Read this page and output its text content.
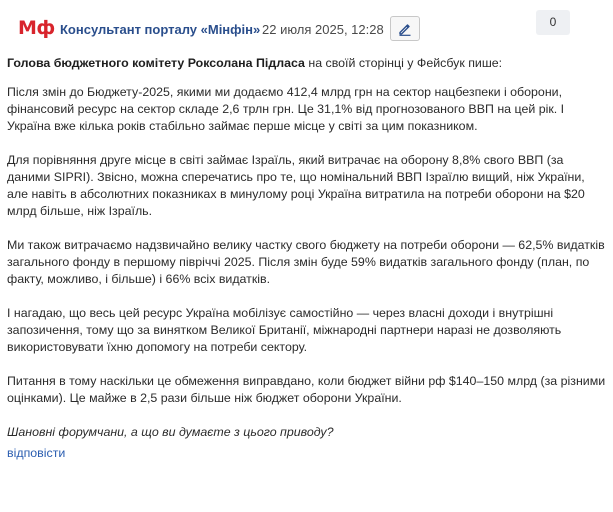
Мф Консультант порталу «Мінфін» 22 июля 2025, 12:28	0

Голова бюджетного комітету Роксолана Підласа на своїй сторінці у Фейсбук пише:

Після змін до Бюджету-2025, якими ми додаємо 412,4 млрд грн на сектор нацбезпеки і оборони, фінансовий ресурс на сектор складе 2,6 трлн грн. Це 31,1% від прогнозованого ВВП на цей рік. І Україна вже кілька років стабільно займає перше місце у світі за цим показником.

Для порівняння друге місце в світі займає Ізраїль, який витрачає на оборону 8,8% свого ВВП (за даними SIPRI). Звісно, можна сперечатись про те, що номінальний ВВП Ізраїлю вищий, ніж України, але навіть в абсолютних показниках в минулому році Україна витратила на потреби оборони на $20 млрд більше, ніж Ізраїль.

Ми також витрачаємо надзвичайно велику частку свого бюджету на потреби оборони — 62,5% видатків загального фонду в першому півріччі 2025. Після змін буде 59% видатків загального фонду (план, по факту, можливо, і більше) і 66% всіх видатків.

І нагадаю, що весь цей ресурс Україна мобілізує самостійно — через власні доходи і внутрішні запозичення, тому що за винятком Великої Британії, міжнародні партнери наразі не дозволяють використовувати їхню допомогу на потреби сектору.

Питання в тому наскільки це обмеження виправдано, коли бюджет війни рф $140–150 млрд (за різними оцінками). Це майже в 2,5 рази більше ніж бюджет оборони України.

Шановні форумчани, а що ви думаєте з цього приводу?

відповісти
